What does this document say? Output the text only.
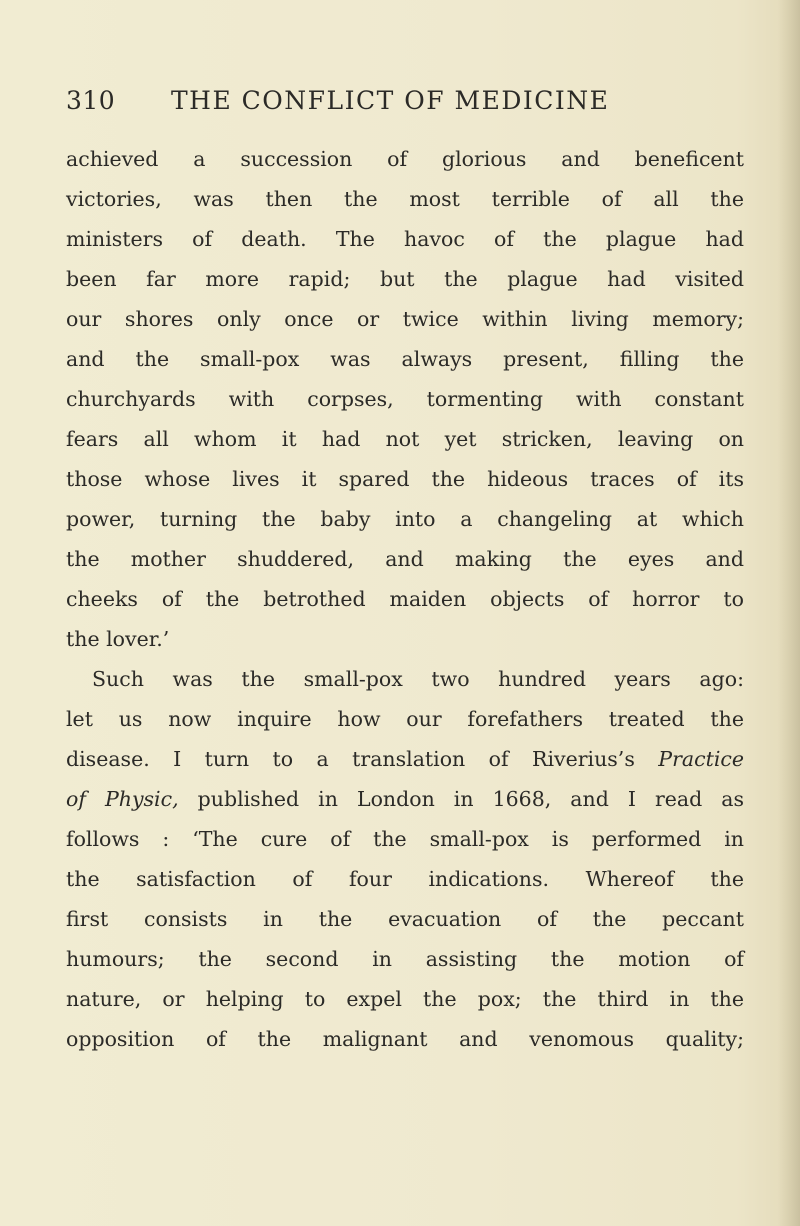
310 THE CONFLICT OF MEDICINE
achieved a succession of glorious and beneficent
victories, was then the most terrible of all the
ministers of death. The havoc of the plague had
been far more rapid; but the plague had visited
our shores only once or twice within living memory;
and the small-pox was always present, filling the
churchyards with corpses, tormenting with constant
fears all whom it had not yet stricken, leaving on
those whose lives it spared the hideous traces of its
power, turning the baby into a changeling at which
the mother shuddered, and making the eyes and
cheeks of the betrothed maiden objects of horror to
the lover.’
Such was the small-pox two hundred years ago:
let us now inquire how our forefathers treated the
disease. I turn to a translation of Riverius’s Practice
of Physic, published in London in 1668, and I read as
follows : ‘The cure of the small-pox is performed in
the satisfaction of four indications. Whereof the
first consists in the evacuation of the peccant
humours; the second in assisting the motion of
nature, or helping to expel the pox; the third in the
opposition of the malignant and venomous quality;
